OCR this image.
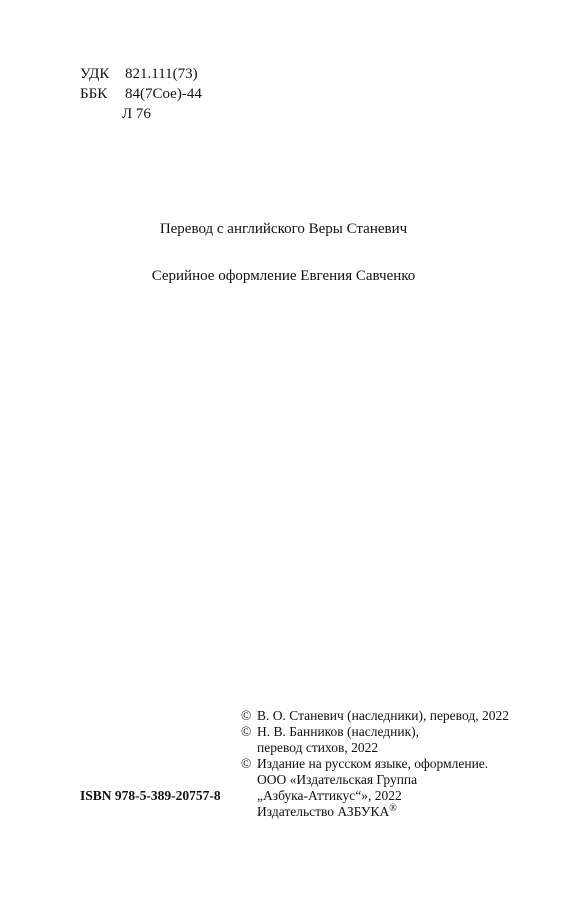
УДК	821.111(73)
ББК	84(7Сое)-44
Л 76
Перевод с английского Веры Станевич
Серийное оформление Евгения Савченко
ISBN 978-5-389-20757-8
© В. О. Станевич (наследники), перевод, 2022
© Н. В. Банников (наследник),
перевод стихов, 2022
© Издание на русском языке, оформление.
ООО «Издательская Группа
„Азбука-Аттикус“», 2022
Издательство АЗБУКА®
